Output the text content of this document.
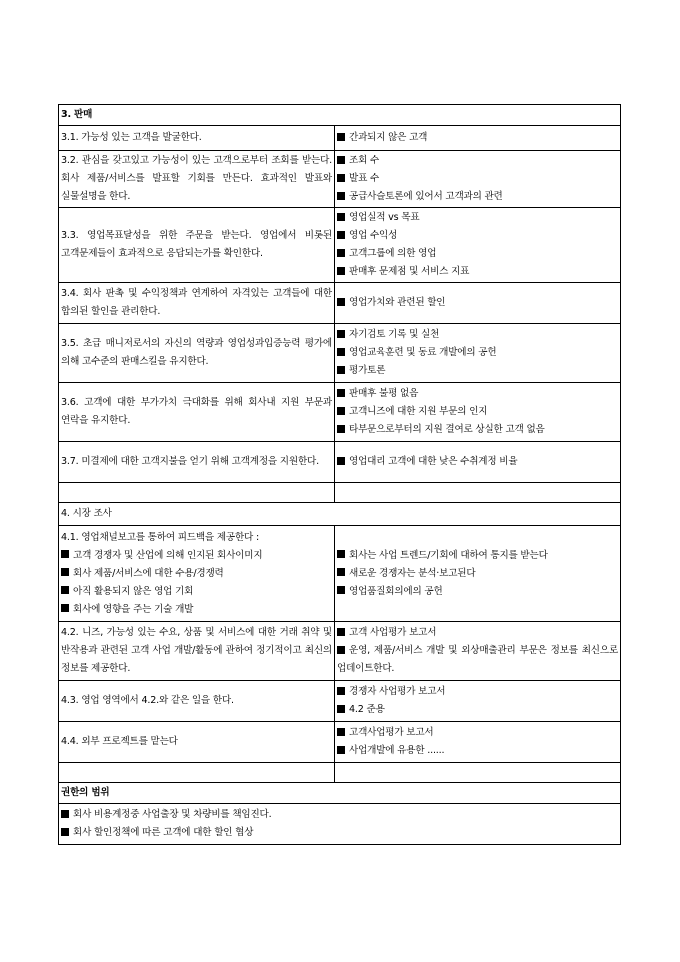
3. 판매	
3.1. 가능성 있는 고객을 발굴한다.	간과되지 않은 고객

3.2. 관심을 갖고있고 가능성이 있는 고객으로부터 조회를 받는다. 회사 제품/서비스를 발표할 기회를 만든다. 효과적인 발표와 실물설명을 한다.	조회 수
발표 수
공급사슬토론에 있어서 고객과의 관련

3.3. 영업목표달성을 위한 주문을 받는다. 영업에서 비롯된 고객문제들이 효과적으로 응답되는가를 확인한다.	영업실적 vs 목표
영업 수익성
고객그룹에 의한 영업
판매후 문제점 및 서비스 지표

3.4. 회사 판촉 및 수익정책과 연계하여 자격있는 고객들에 대한 합의된 할인을 관리한다.	영업가치와 관련된 할인

3.5. 초급 매니저로서의 자신의 역량과 영업성과입증능력 평가에 의해 고수준의 판매스킬을 유지한다.	자기검토 기록 및 실천
영업교육훈련 및 동료 개발에의 공헌
평가토론

3.6. 고객에 대한 부가가치 극대화를 위해 회사내 지원 부문과 연락을 유지한다.	판매후 불평 없음
고객니즈에 대한 지원 부문의 인지
타부문으로부터의 지원 결여로 상실한 고객 없음

3.7. 미결제에 대한 고객지불을 얻기 위해 고객계정을 지원한다.	영업대리 고객에 대한 낮은 수취계정 비율

4. 시장 조사	

4.1. 영업채널보고를 통하여 피드백을 제공한다 :
고객 경쟁자 및 산업에 의해 인지된 회사이미지
회사 제품/서비스에 대한 수용/경쟁력
아직 활용되지 않은 영업 기회
회사에 영향을 주는 기술 개발	회사는 사업 트렌드/기회에 대하여 통지를 받는다
새로운 경쟁자는 분석·보고된다
영업품질회의에의 공헌

4.2. 니즈, 가능성 있는 수요, 상품 및 서비스에 대한 거래 취약 및 반작용과 관련된 고객 사업 개발/활동에 관하여 정기적이고 최신의 정보를 제공한다.	고객 사업평가 보고서
운영, 제품/서비스 개발 및 외상매출관리 부문은 정보를 최신으로 업데이트한다.

4.3. 영업 영역에서 4.2.와 같은 일을 한다.	경쟁자 사업평가 보고서
4.2 준용

4.4. 외부 프로젝트를 맡는다	고객사업평가 보고서
사업개발에 유용한 ......

권한의 범위	

회사 비용계정중 사업출장 및 차량비를 책임진다.
회사 할인정책에 따른 고객에 대한 할인 협상	
